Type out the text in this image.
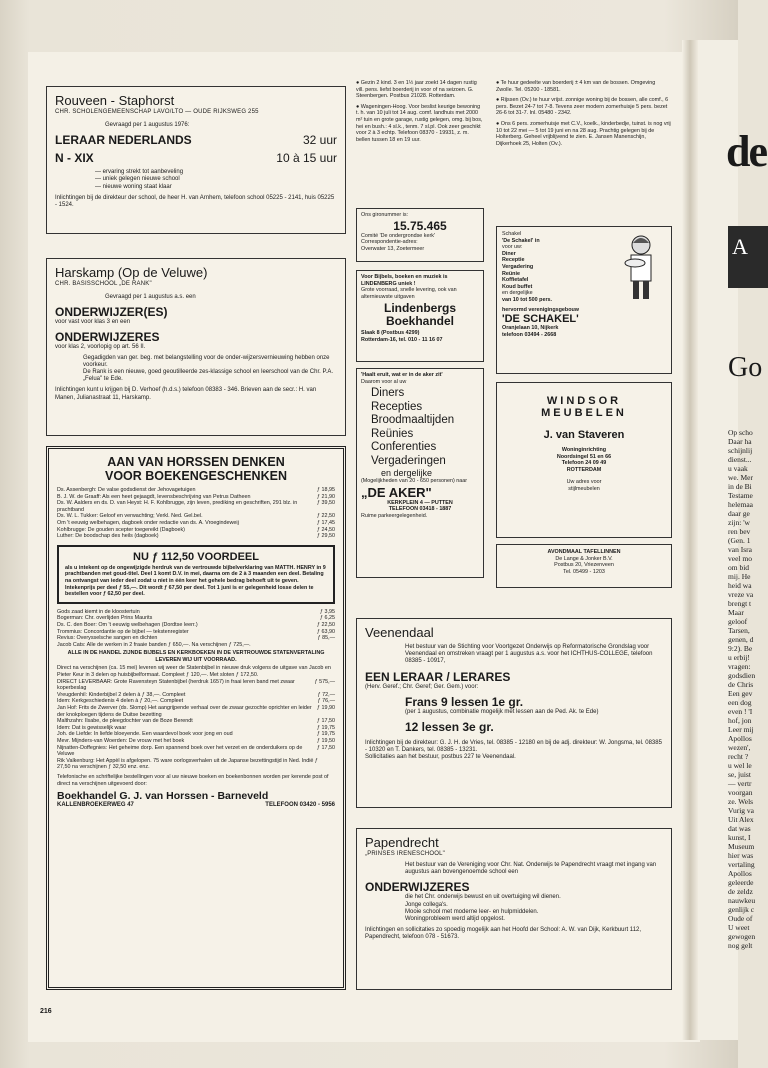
de
A
Go
Op scho
Daar ha
schijnlij
dienst...
u vaak
we. Mer
in de Bi
Testame
helemaa
daar ge
zijn: 'w
ren bev
(Gen. 1
van Isra
veel mo
om bid
mij. He
heid wa
vreze va
brengt t
Maar
geloof
Tarsen,
genen, d
9:2). Be
u erbij!
vragen:
godsdien
de Chris
Een gev
een dog
even ! 'I
hof, jon
Leer mij
Apollos
wezen',
recht ?
u wel le
se, juist
— vertr
voorgan
ze. Wels
Vurig va
Uit Alex
dat was
kunst, I
Museum
hier was
vertaling
Apollos
geleerde
de zeldz
nauwkeu
genlijk c
Oude of
U weet
gewogen
nog gelt
Rouveen - Staphorst
CHR. SCHOLENGEMEENSCHAP LAVO/LTO — OUDE RIJKSWEG 255
Gevraagd per 1 augustus 1976:
LERAAR NEDERLANDS	32 uur
N - XIX	10 à 15 uur
— ervaring strekt tot aanbeveling
— uniek gelegen nieuwe school
— nieuwe woning staat klaar
Inlichtingen bij de direkteur der school, de heer H. van Arnhem, telefoon school 05225 - 2141, huis 05225 - 1524.
Harskamp (Op de Veluwe)
CHR. BASISSCHOOL „DE RANK"
Gevraagd per 1 augustus a.s. een
ONDERWIJZER(ES)
voor vast voor klas 3 en een
ONDERWIJZERES
voor klas 2, voorlopig op art. 56 II.
Gegadigden van ger. beg. met belangstelling voor de onder-wijzersvernieuwing hebben onze voorkeur.
De Rank is een nieuwe, goed geoutilleerde zes-klassige school en leerschool van de Chr. P.A. „Felua" te Ede.
Inlichtingen kunt u krijgen bij D. Verhoef (h.d.s.) telefoon 08383 - 346. Brieven aan de secr.: H. van Manen, Julianastraat 11, Harskamp.
AAN VAN HORSSEN DENKEN
VOOR BOEKENGESCHENKEN
Ds. Assenbergh: De valse godsdienst der Jehovagetuigen	ƒ 18,95
B. J. W. de Graaff: Als een heet gejaagdt, levensbeschrijving van Petrus Datheen	ƒ 21,90
Ds. W. Aalders en ds. D. van Heyst: H. F. Kohlbrugge, zijn leven, prediking en geschriften, 291 blz. in prachtband
ƒ 39,50
Ds. W. L. Tukker: Geloof en verwachting; Verkl. Ned. Gel.bel.	ƒ 22,50
Om 't eeuwig welbehagen, dagboek onder redactie van ds. A. Vroegindeweij	ƒ 17,45
Kohlbrugge: De gouden scepter toegereikt (Dagboek)	ƒ 24,50
Luther: De boodschap des heils (dagboek)	ƒ 29,50
NU ƒ 112,50 VOORDEEL
als u intekent op de ongewijzigde herdruk van de vertrouwde bijbelverklaring van MATTH. HENRY in 9 prachtbanden met goud-titel. Deel 1 komt D.V. in mei, daarna om de 2 à 3 maanden een deel. Betaling na ontvangst van ieder deel zodat u niet in één keer het gehele bedrag behoeft uit te geven. Intekenprijs per deel ƒ 55,—. Dit wordt ƒ 67,50 per deel. Tot 1 juni is er gelegenheid losse delen te bestellen voor ƒ 62,50 per deel.
Gods zaad kiemt in de kloostertuin	ƒ 3,95
Bogerman: Chr. overlijden Prins Maurits	ƒ 6,25
Ds. C. den Boer: Om 't eeuwig welbehagen (Dordtse leerr.)	ƒ 22,50
Trommius: Concordantie op de bijbel — tekstenregister	ƒ 63,90
Revius: Overysselsche sangen en dichten	ƒ 85,—
Jacob Cats: Alle de werken in 2 fraaie banden ƒ 650,—. Na verschijnen ƒ 725,—.
ALLE IN DE HANDEL ZIJNDE BIJBELS EN KERKBOEKEN IN DE VERTROUWDE STATENVERTALING LEVEREN WIJ UIT VOORRAAD.
Direct na verschijnen (ca. 15 mei) leveren wij weer de Statenbijbel in nieuwe druk volgens de uitgave van Jacob en Pieter Keur in 3 delen op huisbijbelformaat. Compleet ƒ 120,—. Met sloten ƒ 172,50.
DIRECT LEVERBAAR: Grote Ravensteyn Statenbijbel (herdruk 1657) in fraai leren band met zwaar koperbeslag
ƒ 575,—
Vreugdenhil: Kinderbijbel 2 delen à ƒ 38,—. Compleet	ƒ 72,—
Idem: Kerkgeschiedenis 4 delen à ƒ 20,—. Compleet	ƒ 76,—
Jan Hof: Frits de Zwerver (ds. Slomp) Het aangrijpende verhaal over de zwaar gezochte oprichter en leider der knokploegen tijdens de Duitse bezetting
ƒ 19,90
Malthzahn: Ilsabe, de pleegdochter van de Boze Berendt	ƒ 17,50
Idem: Dat is gewisselijk waar	ƒ 19,75
Joh. de Liefde: In liefde bloeyende. Een waardevol boek voor jong en oud	ƒ 19,75
Mevr. Mijnders-van Woerden: De vrouw met het boek	ƒ 19,50
Nijnatten-Doffegnies: Het geheime dorp. Een spannend boek over het verzet en de onderduikers op de Veluwe
ƒ 17,50
Rik Valkenburg: Het Appèl is afgelopen. 75 ware oorlogsverhalen uit de Japanse bezettingstijd in Ned. Indië ƒ 27,50 na verschijnen ƒ 32,50 enz. enz.
Telefonische en schriftelijke bestellingen voor al uw nieuwe boeken en boekenbonnen worden per kerende post of direct na verschijnen uitgevoerd door:
Boekhandel G. J. van Horssen - Barneveld
KALLENBROEKERWEG 47	TELEFOON 03420 - 5956
● Gezin 2 kind. 3 en 1½ jaar zoekt 14 dagen rustig vill. pens. liefst boerderij in voor of na seizoen. G. Steenbergen. Postbus 21028. Rotterdam.
● Wageningen-Hoog. Voor beslist keurige bewoning t. h. van 10 juli tot 14 aug. comf. landhuis met 2000 m² tuin en grote garage, rustig gelegen, omg. bij bos, hei en bush.: 4 sl.k., tenm. 7 sl.pl. Ook zeer geschikt voor 2 à 3 echtp. Telefoon 08370 - 19931, z. m. bellen tussen 18 en 19 uur.
Ons gironummer is:
15.75.465
Comité 'De ondergrondse kerk'
Correspondentie-adres:
Overwater 13, Zoetermeer
Voor Bijbels, boeken en muziek is LINDENBERG uniek !
Grote voorraad, snelle levering, ook van alternieuwste uitgaven
Lindenbergs
Boekhandel
Slaak 8 (Postbus 4299)
Rotterdam-16, tel. 010 - 11 16 07
'Haalt eruit, wat er in de aker zit'
Daarom voor al uw
Diners
Recepties
Broodmaaltijden
Reünies
Conferenties
Vergaderingen
en dergelijke
(Mogelijkheden van 20 - 650 personen) naar
„DE AKER"
KERKPLEIN 4 — PUTTEN
TELEFOON 03418 - 1887
Ruime parkeergelegenheid.
● Te huur gedeelte van boerderij ± 4 km van de bossen. Omgeving Zwolle. Tel. 05200 - 18581.
● Rijssen (Ov.) te huur vrijst. zonnige woning bij de bossen, alle comf., 6 pers. Bezet 24-7 tot 7-8. Tevens zeer modern zomerhuisje 5 pers. bezet 26-6 tot 31-7. Inl. 05480 - 2342.
● Ons 6 pers. zomerhuisje met C.V., koelk., kinderbedje, tuinst. is nog vrij 10 tot 22 mei — 5 tot 19 juni en na 28 aug. Prachtig gelegen bij de Holterberg. Geheel vrijblijvend te zien. E. Jansen Manenschijn, Dijkerhoek 25, Holten (Ov.).
Schakel
'De Schakel' in
voor uw:
Diner
Receptie
Vergadering
Reünie
Koffietafel
Koud buffet
en dergelijke
van 10 tot 500 pers.
hervormd verenigingsgebouw
'DE SCHAKEL'
Oranjelaan 10, Nijkerk
telefoon 03494 - 2668
WINDSOR
MEUBELEN
J. van Staveren
Woninginrichting
Noordsingel 51 en 66
Telefoon 24 09 49
ROTTERDAM
Uw adres voor
stijlmeubelen
AVONDMAAL TAFELLINNEN
De Lange & Jonker B.V.
Postbus 20, Vriezenveen
Tel. 05499 - 1203
Veenendaal
Het bestuur van de Stichting voor Voortgezet Onderwijs op Reformatorische Grondslag voor Veenendaal en omstreken vraagt per 1 augustus a.s. voor het ICHTHUS-COLLEGE, telefoon 08385 - 10917,
EEN LERAAR / LERARES
(Herv. Geref.; Chr. Geref; Ger. Gem.) voor:
Frans 9 lessen 1e gr.
(per 1 augustus, combinatie mogelijk met lessen aan de Ped. Ak. te Ede)
12 lessen 3e gr.
Inlichtingen bij de direkteur: G. J. H. de Vries, tel. 08385 - 12180 en bij de adj. direkteur: W. Jongsma, tel. 08385 - 10320 en T. Dankers, tel. 08385 - 13231.
Sollicitaties aan het bestuur, postbus 227 te Veenendaal.
Papendrecht
„PRINSES IRENESCHOOL"
Het bestuur van de Vereniging voor Chr. Nat. Onderwijs te Papendrecht vraagt met ingang van augustus aan bovengenoemde school een
ONDERWIJZERES
die het Chr. onderwijs bewust en uit overtuiging wil dienen.
Jonge collega's.
Mooie school met moderne leer- en hulpmiddelen.
Woningprobleem werd altijd opgelost.
Inlichtingen en sollicitaties zo spoedig mogelijk aan het Hoofd der School: A. W. van Dijk, Kerkbuurt 112, Papendrecht, telefoon 078 - 51673.
216
